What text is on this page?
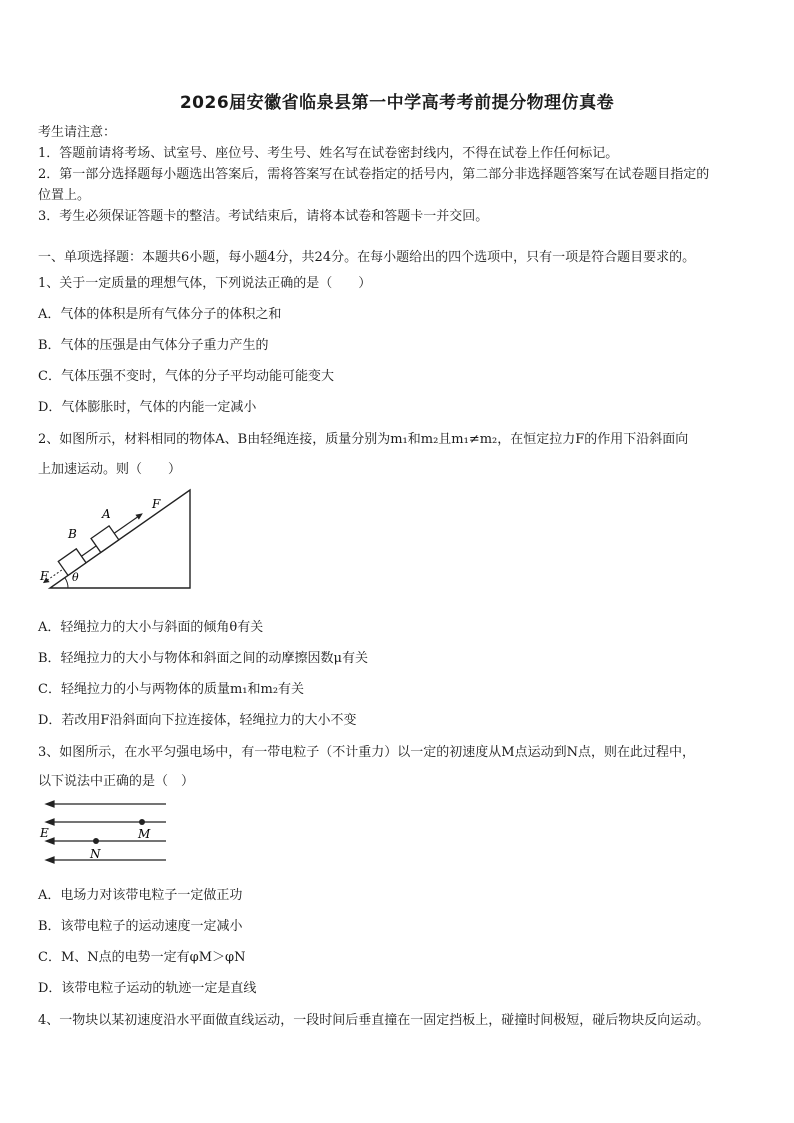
2026届安徽省临泉县第一中学高考考前提分物理仿真卷
考生请注意：
1．答题前请将考场、试室号、座位号、考生号、姓名写在试卷密封线内，不得在试卷上作任何标记。
2．第一部分选择题每小题选出答案后，需将答案写在试卷指定的括号内，第二部分非选择题答案写在试卷题目指定的
位置上。
3．考生必须保证答题卡的整洁。考试结束后，请将本试卷和答题卡一并交回。
一、单项选择题：本题共6小题，每小题4分，共24分。在每小题给出的四个选项中，只有一项是符合题目要求的。
1、关于一定质量的理想气体，下列说法正确的是（　　）
A．气体的体积是所有气体分子的体积之和
B．气体的压强是由气体分子重力产生的
C．气体压强不变时，气体的分子平均动能可能变大
D．气体膨胀时，气体的内能一定减小
2、如图所示，材料相同的物体A、B由轻绳连接，质量分别为m₁和m₂且m₁≠m₂，在恒定拉力F的作用下沿斜面向
上加速运动。则（　　）
A
B
F
F θ
A．轻绳拉力的大小与斜面的倾角θ有关
B．轻绳拉力的大小与物体和斜面之间的动摩擦因数μ有关
C．轻绳拉力的小与两物体的质量m₁和m₂有关
D．若改用F沿斜面向下拉连接体，轻绳拉力的大小不变
3、如图所示，在水平匀强电场中，有一带电粒子（不计重力）以一定的初速度从M点运动到N点，则在此过程中，
以下说法中正确的是（　）
E	M
N
A．电场力对该带电粒子一定做正功
B．该带电粒子的运动速度一定减小
C．M、N点的电势一定有φM＞φN
D．该带电粒子运动的轨迹一定是直线
4、一物块以某初速度沿水平面做直线运动，一段时间后垂直撞在一固定挡板上，碰撞时间极短，碰后物块反向运动。
